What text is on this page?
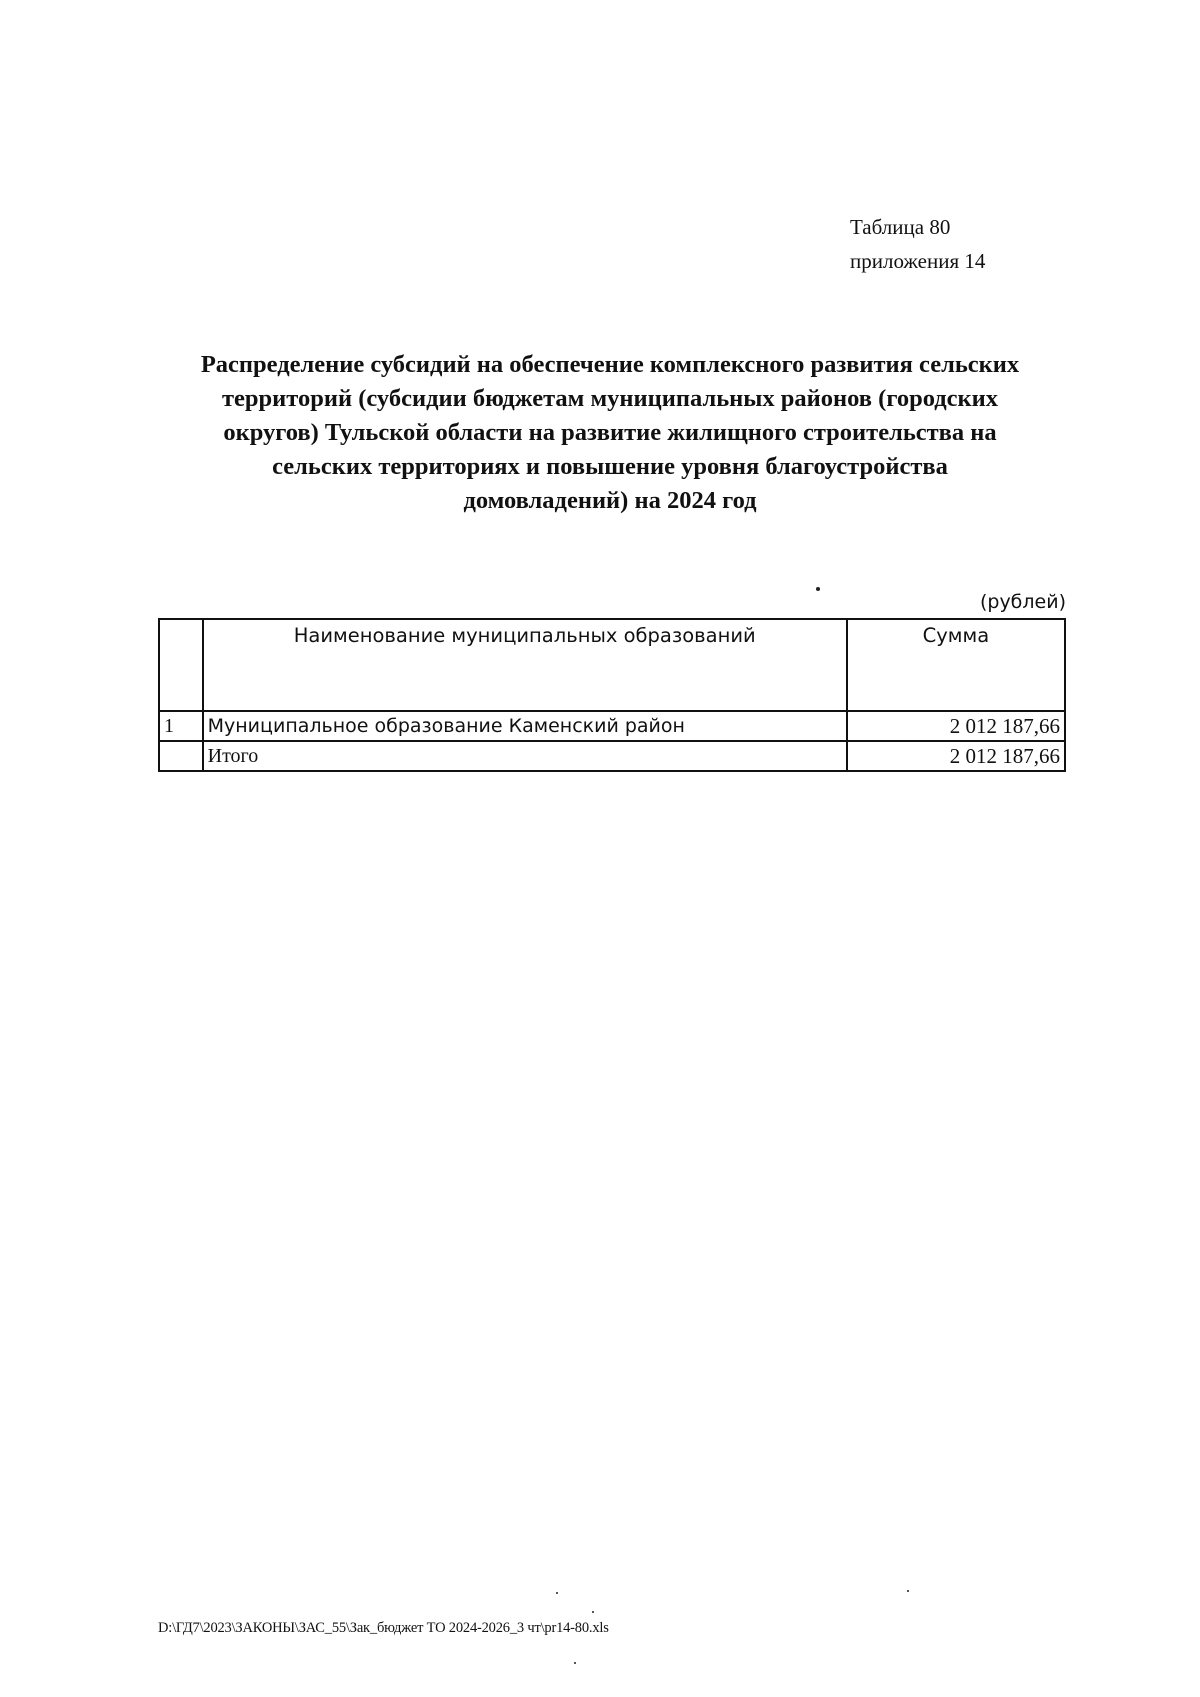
Таблица 80
приложения 14
Распределение субсидий на обеспечение комплексного развития сельских
территорий (субсидии бюджетам муниципальных районов (городских
округов) Тульской области на развитие жилищного строительства на
сельских территориях и повышение уровня благоустройства
домовладений) на 2024 год
(рублей)
	Наименование муниципальных образований	Сумма
1	Муниципальное образование Каменский район	2 012 187,66
	Итого	2 012 187,66
D:\ГД7\2023\ЗАКОНЫ\ЗАС_55\Зак_бюджет ТО 2024-2026_3 чт\pr14-80.xls
